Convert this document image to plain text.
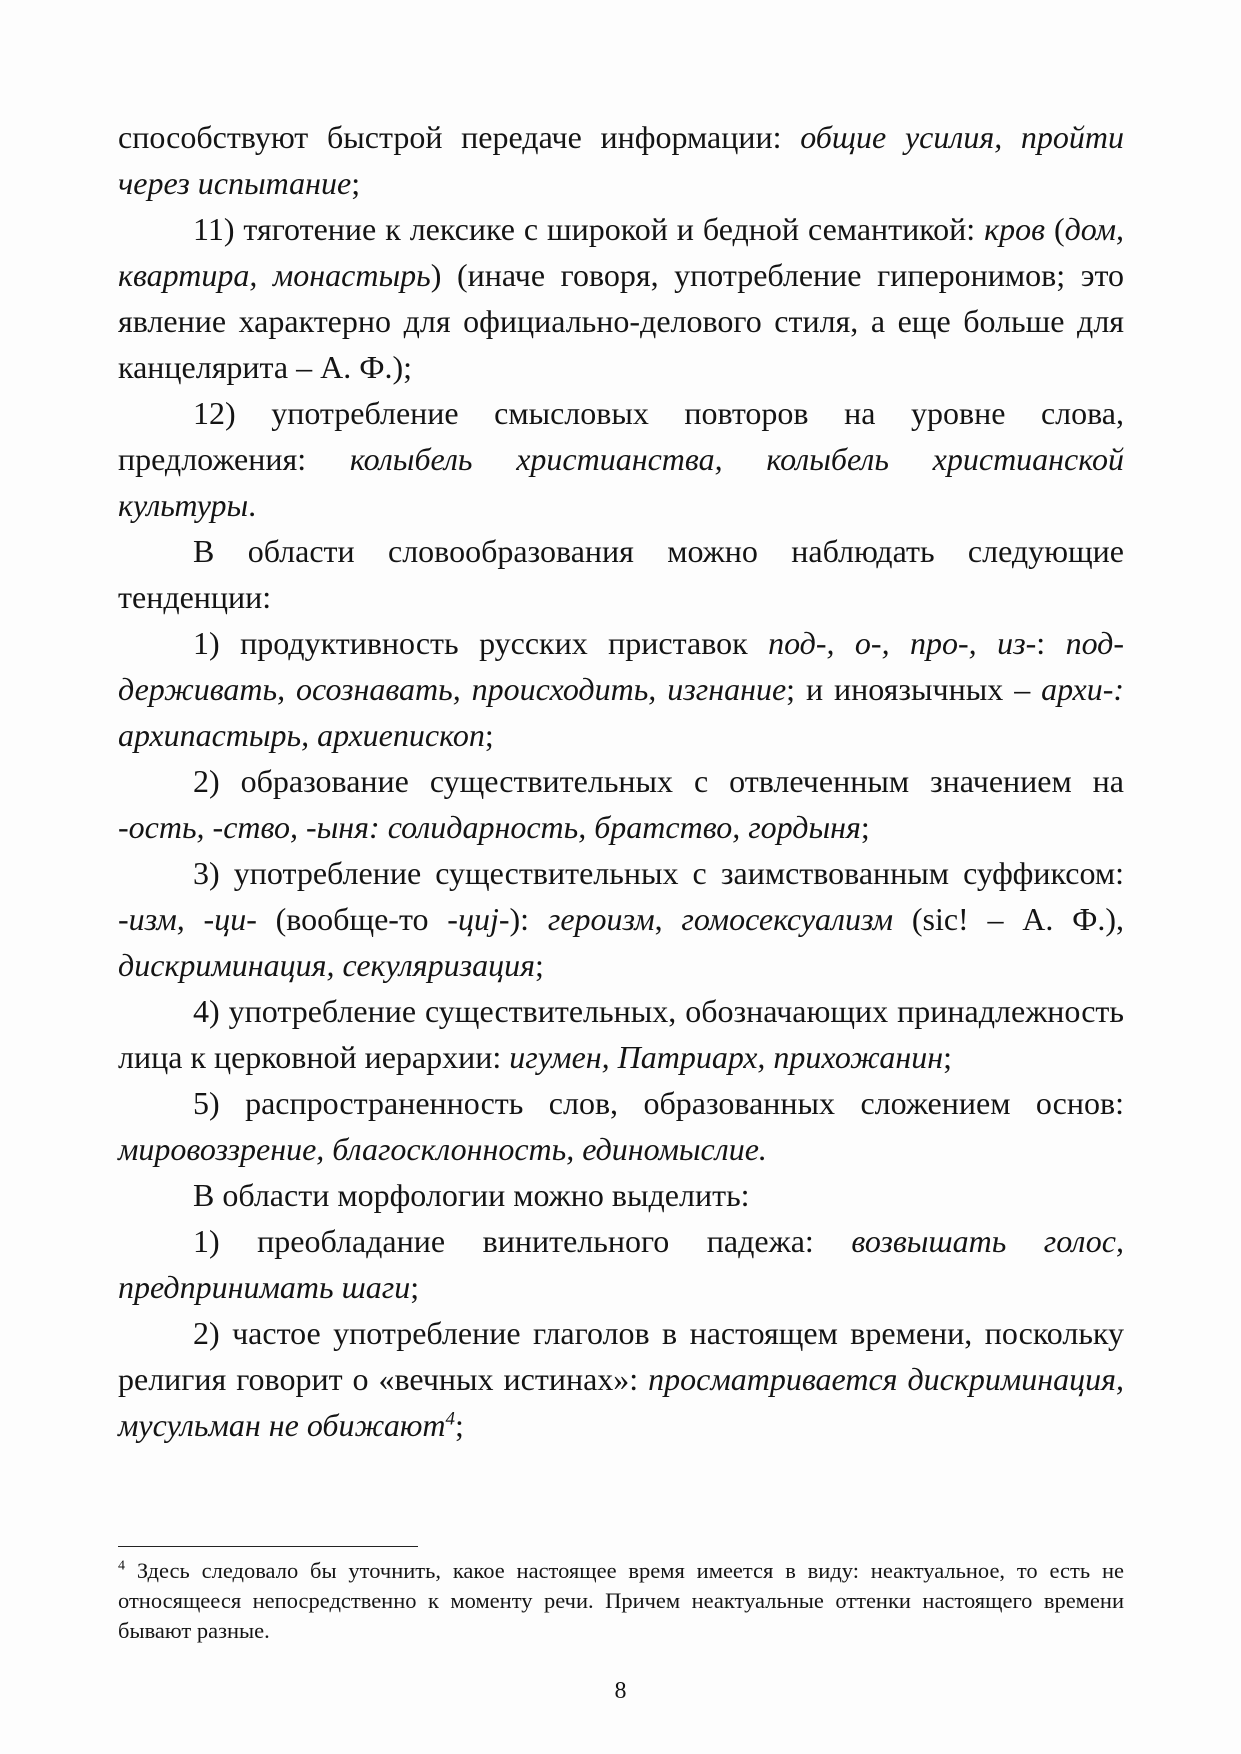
способствуют быстрой передаче информации: общие усилия, пройти через испытание;

11) тяготение к лексике с широкой и бедной семантикой: кров (дом, квартира, монастырь) (иначе говоря, употребление гиперонимов; это явление характерно для официально-делового стиля, а еще больше для канцелярита – А. Ф.);

12) употребление смысловых повторов на уровне слова, предложения: колыбель христианства, колыбель христианской культуры.

В области словообразования можно наблюдать следующие тенденции:

1) продуктивность русских приставок под-, о-, про-, из-: поддерживать, осознавать, происходить, изгнание; и иноязычных – архи-: архипастырь, архиепископ;

2) образование существительных с отвлеченным значением на -ость, -ство, -ыня: солидарность, братство, гордыня;

3) употребление существительных с заимствованным суффиксом: -изм, -ци- (вообще-то -цuj-): героизм, гомосексуализм (sic! – А. Ф.), дискриминация, секуляризация;

4) употребление существительных, обозначающих принадлежность лица к церковной иерархии: игумен, Патриарх, прихожанин;

5) распространенность слов, образованных сложением основ: мировоззрение, благосклонность, единомыслие.

В области морфологии можно выделить:

1) преобладание винительного падежа: возвышать голос, предпринимать шаги;

2) частое употребление глаголов в настоящем времени, поскольку религия говорит о «вечных истинах»: просматривается дискриминация, мусульман не обижают$^4$;

$^4$ Здесь следовало бы уточнить, какое настоящее время имеется в виду: неактуальное, то есть не относящееся непосредственно к моменту речи. Причем неактуальные оттенки настоящего времени бывают разные.

8
